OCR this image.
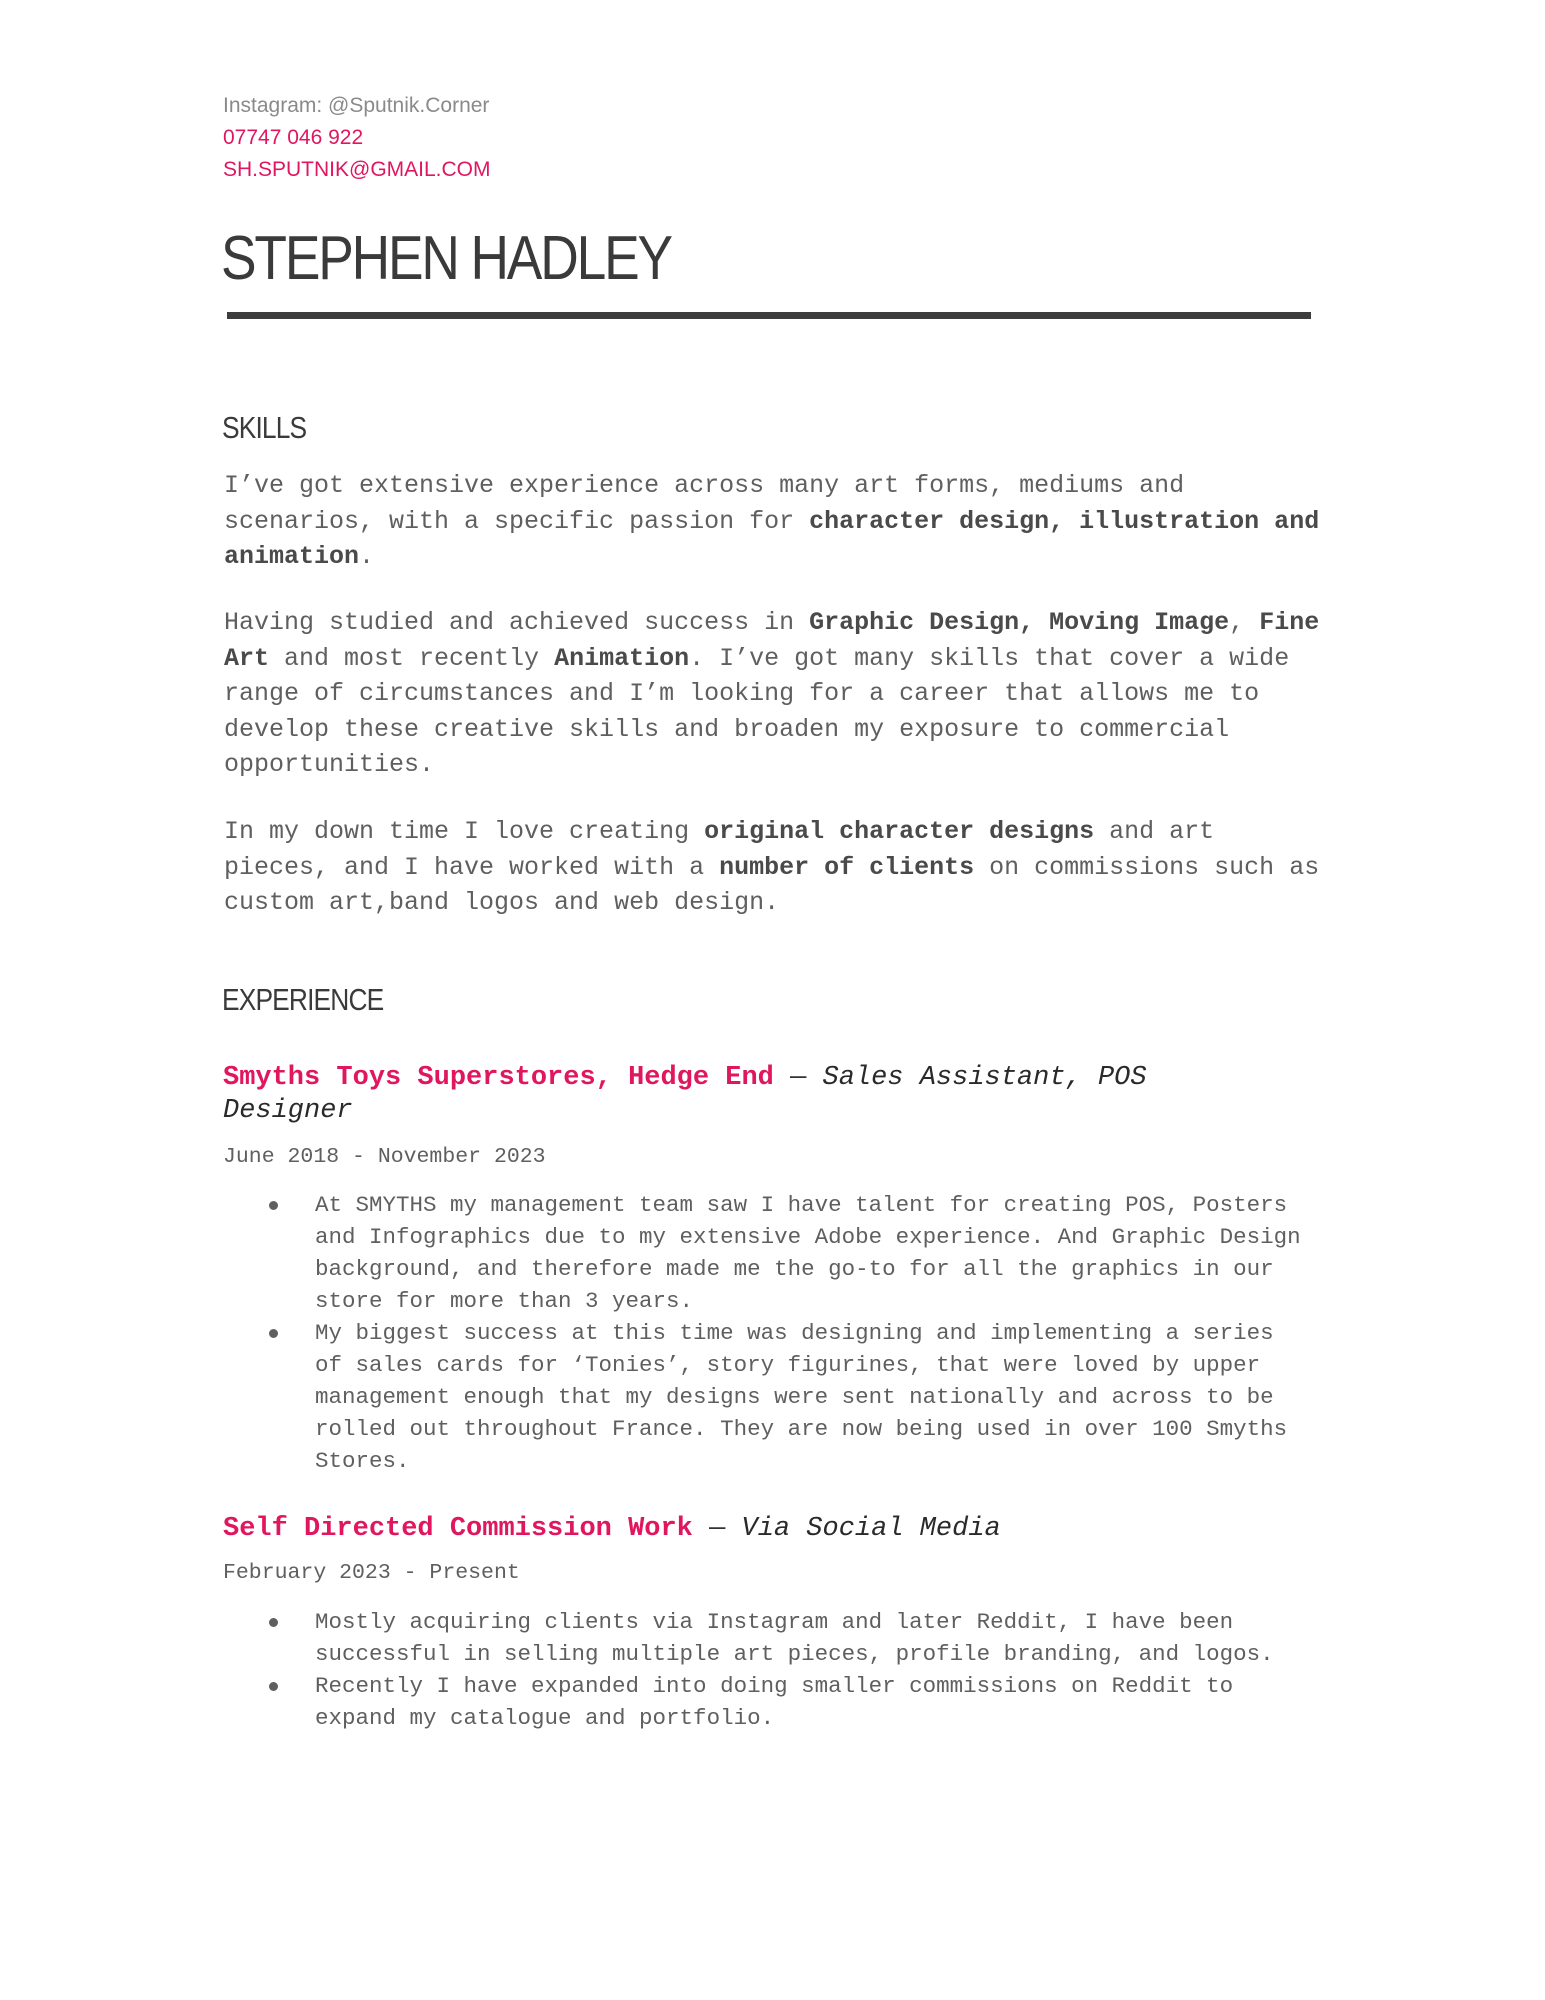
Instagram: @Sputnik.Corner
07747 046 922
SH.SPUTNIK@GMAIL.COM
STEPHEN HADLEY
SKILLS

I’ve got extensive experience across many art forms, mediums and scenarios, with a specific passion for character design, illustration and animation.

Having studied and achieved success in Graphic Design, Moving Image, Fine Art and most recently Animation. I’ve got many skills that cover a wide range of circumstances and I’m looking for a career that allows me to develop these creative skills and broaden my exposure to commercial opportunities.

In my down time I love creating original character designs and art pieces, and I have worked with a number of clients on commissions such as custom art,band logos and web design.

EXPERIENCE

Smyths Toys Superstores, Hedge End — Sales Assistant, POS Designer

June 2018 - November 2023

At SMYTHS my management team saw I have talent for creating POS, Posters and Infographics due to my extensive Adobe experience. And Graphic Design background, and therefore made me the go-to for all the graphics in our store for more than 3 years.
My biggest success at this time was designing and implementing a series of sales cards for ‘Tonies’, story figurines, that were loved by upper management enough that my designs were sent nationally and across to be rolled out throughout France. They are now being used in over 100 Smyths Stores.

Self Directed Commission Work — Via Social Media

February 2023 - Present

Mostly acquiring clients via Instagram and later Reddit, I have been successful in selling multiple art pieces, profile branding, and logos.
Recently I have expanded into doing smaller commissions on Reddit to expand my catalogue and portfolio.
